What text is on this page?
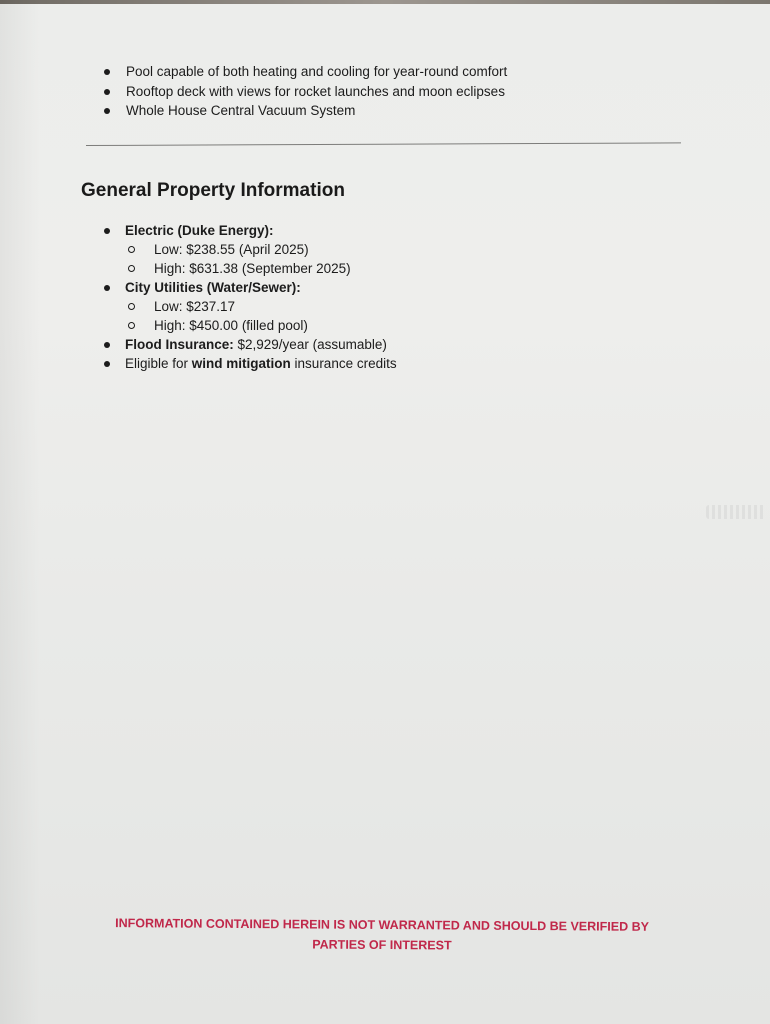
Pool capable of both heating and cooling for year-round comfort
Rooftop deck with views for rocket launches and moon eclipses
Whole House Central Vacuum System
General Property Information
Electric (Duke Energy):
Low: $238.55 (April 2025)
High: $631.38 (September 2025)
City Utilities (Water/Sewer):
Low: $237.17
High: $450.00 (filled pool)
Flood Insurance: $2,929/year (assumable)
Eligible for wind mitigation insurance credits
INFORMATION CONTAINED HEREIN IS NOT WARRANTED AND SHOULD BE VERIFIED BY
PARTIES OF INTEREST
